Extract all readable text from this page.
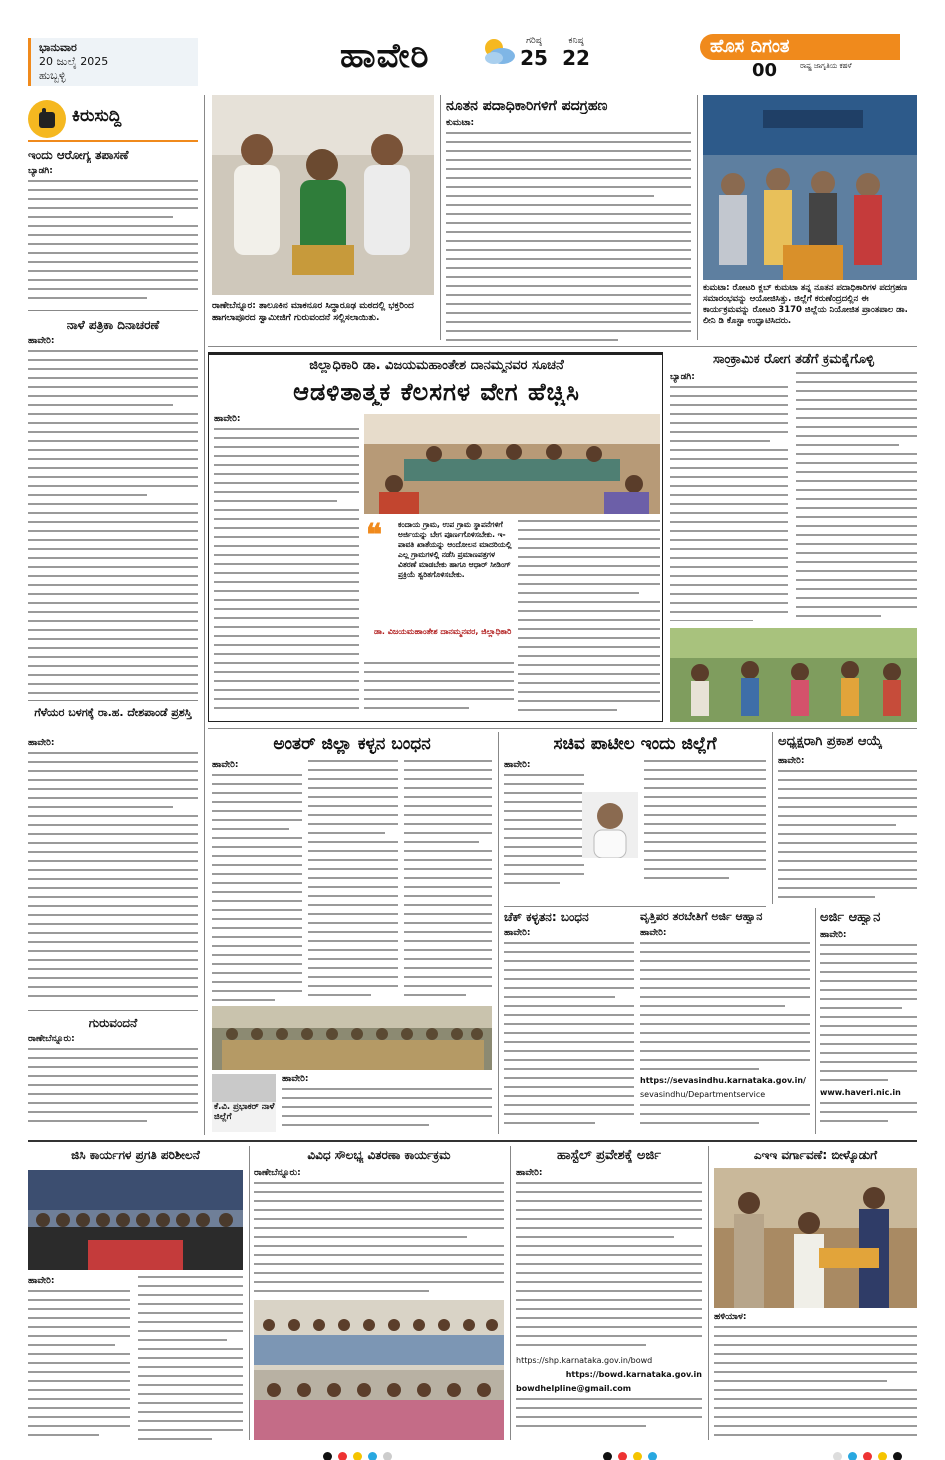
ಭಾನುವಾರ
20 ಜುಲೈ 2025
ಹುಬ್ಬಳ್ಳಿ	ಹಾವೇರಿ	ಗರಿಷ್ಠ
25
ಕನಿಷ್ಠ
22	ಹೊಸ ದಿಗಂತ
ರಾಷ್ಟ್ರ ಜಾಗೃತಿಯ ಕಹಳೆ
00
ಕಿರುಸುದ್ದಿ
ಇಂದು ಆರೋಗ್ಯ ತಪಾಸಣೆ
ಬ್ಯಾಡಗಿ:
ನಾಳೆ ಪತ್ರಿಕಾ ದಿನಾಚರಣೆ
ಹಾವೇರಿ:
ಗೆಳೆಯರ ಬಳಗಕ್ಕೆ ರಾ.ಹ. ದೇಶಪಾಂಡೆ ಪ್ರಶಸ್ತಿ
ಹಾವೇರಿ:
ಗುರುವಂದನೆ
ರಾಣೇಬೆನ್ನೂರು:
ರಾಣೇಬೆನ್ನೂರ: ತಾಲೂಕಿನ ಮಾಕನೂರ ಸಿದ್ಧಾರೂಢ ಮಠದಲ್ಲಿ ಭಕ್ತರಿಂದ ಹಾಗಲಾಪೂರದ ಸ್ವಾಮೀಜಿಗೆ ಗುರುವಂದನೆ ಸಲ್ಲಿಸಲಾಯಿತು.
ನೂತನ ಪದಾಧಿಕಾರಿಗಳಿಗೆ ಪದಗ್ರಹಣ
ಕುಮಟಾ:
ಕುಮಟಾ: ರೋಟರಿ ಕ್ಲಬ್ ಕುಮಟಾ ತನ್ನ ನೂತನ ಪದಾಧಿಕಾರಿಗಳ ಪದಗ್ರಹಣ ಸಮಾರಂಭವನ್ನು ಆಯೋಜಿಸಿತ್ತು. ಜಿಲ್ಲೆಗೆ ಕರುಣೆಂದ್ರದಲ್ಲಿನ ಈ ಕಾರ್ಯಕ್ರಮವನ್ನು ರೋಟರಿ 3170 ಜಿಲ್ಲೆಯ ನಿಯೋಜಿತ ಪ್ರಾಂತಪಾಲ ಡಾ. ಲೀನಿ ಡಿ ಕೊಸ್ಟಾ ಉದ್ಘಾಟಿಸಿದರು.
ಜಿಲ್ಲಾಧಿಕಾರಿ ಡಾ. ವಿಜಯಮಹಾಂತೇಶ ದಾನಮ್ಮನವರ ಸೂಚನೆ
ಆಡಳಿತಾತ್ಮಕ ಕೆಲಸಗಳ ವೇಗ ಹೆಚ್ಚಿಸಿ
ಹಾವೇರಿ:
❝ ಕಂದಾಯ ಗ್ರಾಮ, ಉಪ ಗ್ರಾಮ ಸ್ಥಾಪನೆಗಳಿಗೆ ಅರ್ಜಿಯನ್ನು ಬೇಗ ಪೂರ್ಣಗೊಳಿಸಬೇಕು. ಇ-ಪಾವತಿ ಖಾತೆಯನ್ನು ಆಂದೋಲನ ಮಾದರಿಯಲ್ಲಿ ಎಲ್ಲ ಗ್ರಾಮಗಳಲ್ಲಿ ನಡೆಸಿ ಪ್ರಮಾಣಪತ್ರಗಳ ವಿತರಣೆ ಮಾಡಬೇಕು ಹಾಗೂ ಆಧಾರ್ ಸೀಡಿಂಗ್ ಪ್ರಕ್ರಿಯೆ ತ್ವರಿತಗೊಳಿಸಬೇಕು.
ಡಾ. ವಿಜಯಮಹಾಂತೇಶ ದಾನಮ್ಮನವರ, ಜಿಲ್ಲಾಧಿಕಾರಿ
ಸಾಂಕ್ರಾಮಿಕ ರೋಗ ತಡೆಗೆ ಕ್ರಮಕೈಗೊಳ್ಳಿ
ಬ್ಯಾಡಗಿ:
ಅಂತರ್ ಜಿಲ್ಲಾ ಕಳ್ಳನ ಬಂಧನ
ಹಾವೇರಿ:
ಕೆ.ವಿ. ಪ್ರಭಾಕರ್ ನಾಳೆ ಜಿಲ್ಲೆಗೆ
ಹಾವೇರಿ:
ಸಚಿವ ಪಾಟೀಲ ಇಂದು ಜಿಲ್ಲೆಗೆ
ಹಾವೇರಿ:
ಚೆಕ್ ಕಳ್ಳತನ: ಬಂಧನ
ಹಾವೇರಿ:
ವೃತ್ತಿಪರ ತರಬೇತಿಗೆ ಅರ್ಜಿ ಆಹ್ವಾನ
ಹಾವೇರಿ:
https://sevasindhu.karnataka.gov.in/
sevasindhu/Departmentservice
ಅಧ್ಯಕ್ಷರಾಗಿ ಪ್ರಕಾಶ ಆಯ್ಕೆ
ಹಾವೇರಿ:
ಅರ್ಜಿ ಆಹ್ವಾನ
ಹಾವೇರಿ:
www.haveri.nic.in
ಜಿಸಿ ಕಾರ್ಯಗಳ ಪ್ರಗತಿ ಪರಿಶೀಲನೆ
ಹಾವೇರಿ:
ವಿವಿಧ ಸೌಲಭ್ಯ ವಿತರಣಾ ಕಾರ್ಯಕ್ರಮ
ರಾಣೇಬೆನ್ನೂರು:
ಹಾಸ್ಟೆಲ್ ಪ್ರವೇಶಕ್ಕೆ ಅರ್ಜಿ
ಹಾವೇರಿ:
https://shp.karnataka.gov.in/bowd
https://bowd.karnataka.gov.in
bowdhelpline@gmail.com
ಎಇಇ ವರ್ಗಾವಣೆ: ಬೀಳ್ಕೊಡುಗೆ
ಹಳಿಯಾಳ:
